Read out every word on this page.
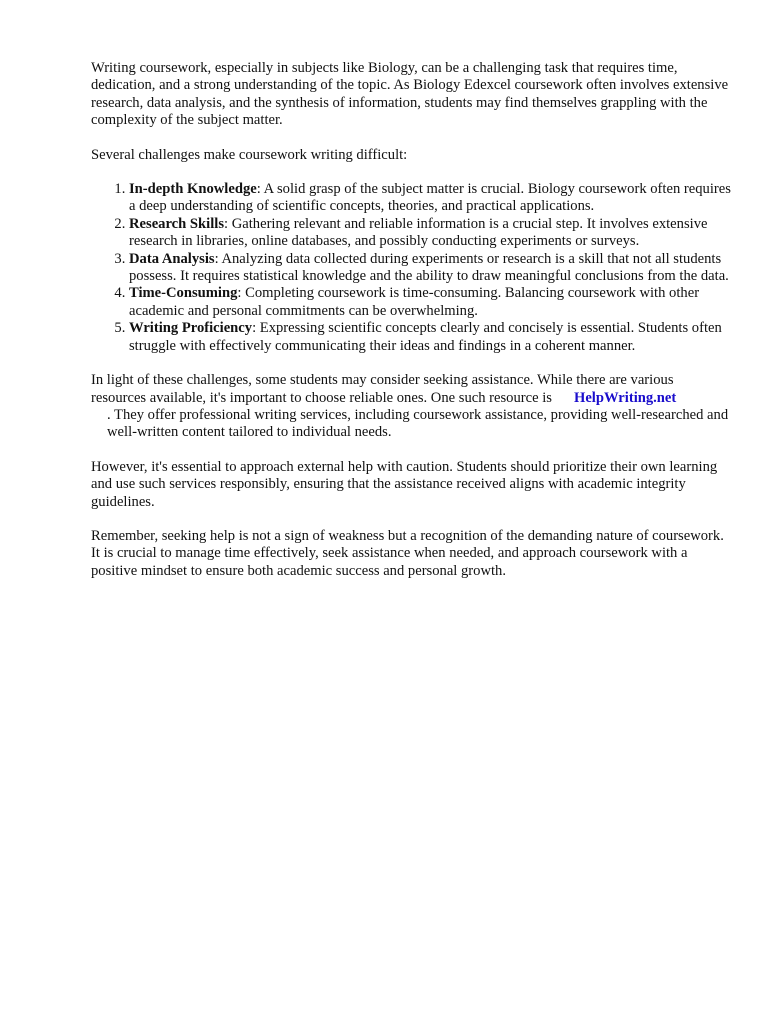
Writing coursework, especially in subjects like Biology, can be a challenging task that requires time, dedication, and a strong understanding of the topic. As Biology Edexcel coursework often involves extensive research, data analysis, and the synthesis of information, students may find themselves grappling with the complexity of the subject matter.

Several challenges make coursework writing difficult:

1. In-depth Knowledge: A solid grasp of the subject matter is crucial. Biology coursework often requires a deep understanding of scientific concepts, theories, and practical applications.
2. Research Skills: Gathering relevant and reliable information is a crucial step. It involves extensive research in libraries, online databases, and possibly conducting experiments or surveys.
3. Data Analysis: Analyzing data collected during experiments or research is a skill that not all students possess. It requires statistical knowledge and the ability to draw meaningful conclusions from the data.
4. Time-Consuming: Completing coursework is time-consuming. Balancing coursework with other academic and personal commitments can be overwhelming.
5. Writing Proficiency: Expressing scientific concepts clearly and concisely is essential. Students often struggle with effectively communicating their ideas and findings in a coherent manner.

In light of these challenges, some students may consider seeking assistance. While there are various resources available, it's important to choose reliable ones. One such resource is HelpWriting.net
. They offer professional writing services, including coursework assistance, providing well-researched and well-written content tailored to individual needs.

However, it's essential to approach external help with caution. Students should prioritize their own learning and use such services responsibly, ensuring that the assistance received aligns with academic integrity guidelines.

Remember, seeking help is not a sign of weakness but a recognition of the demanding nature of coursework. It is crucial to manage time effectively, seek assistance when needed, and approach coursework with a positive mindset to ensure both academic success and personal growth.
